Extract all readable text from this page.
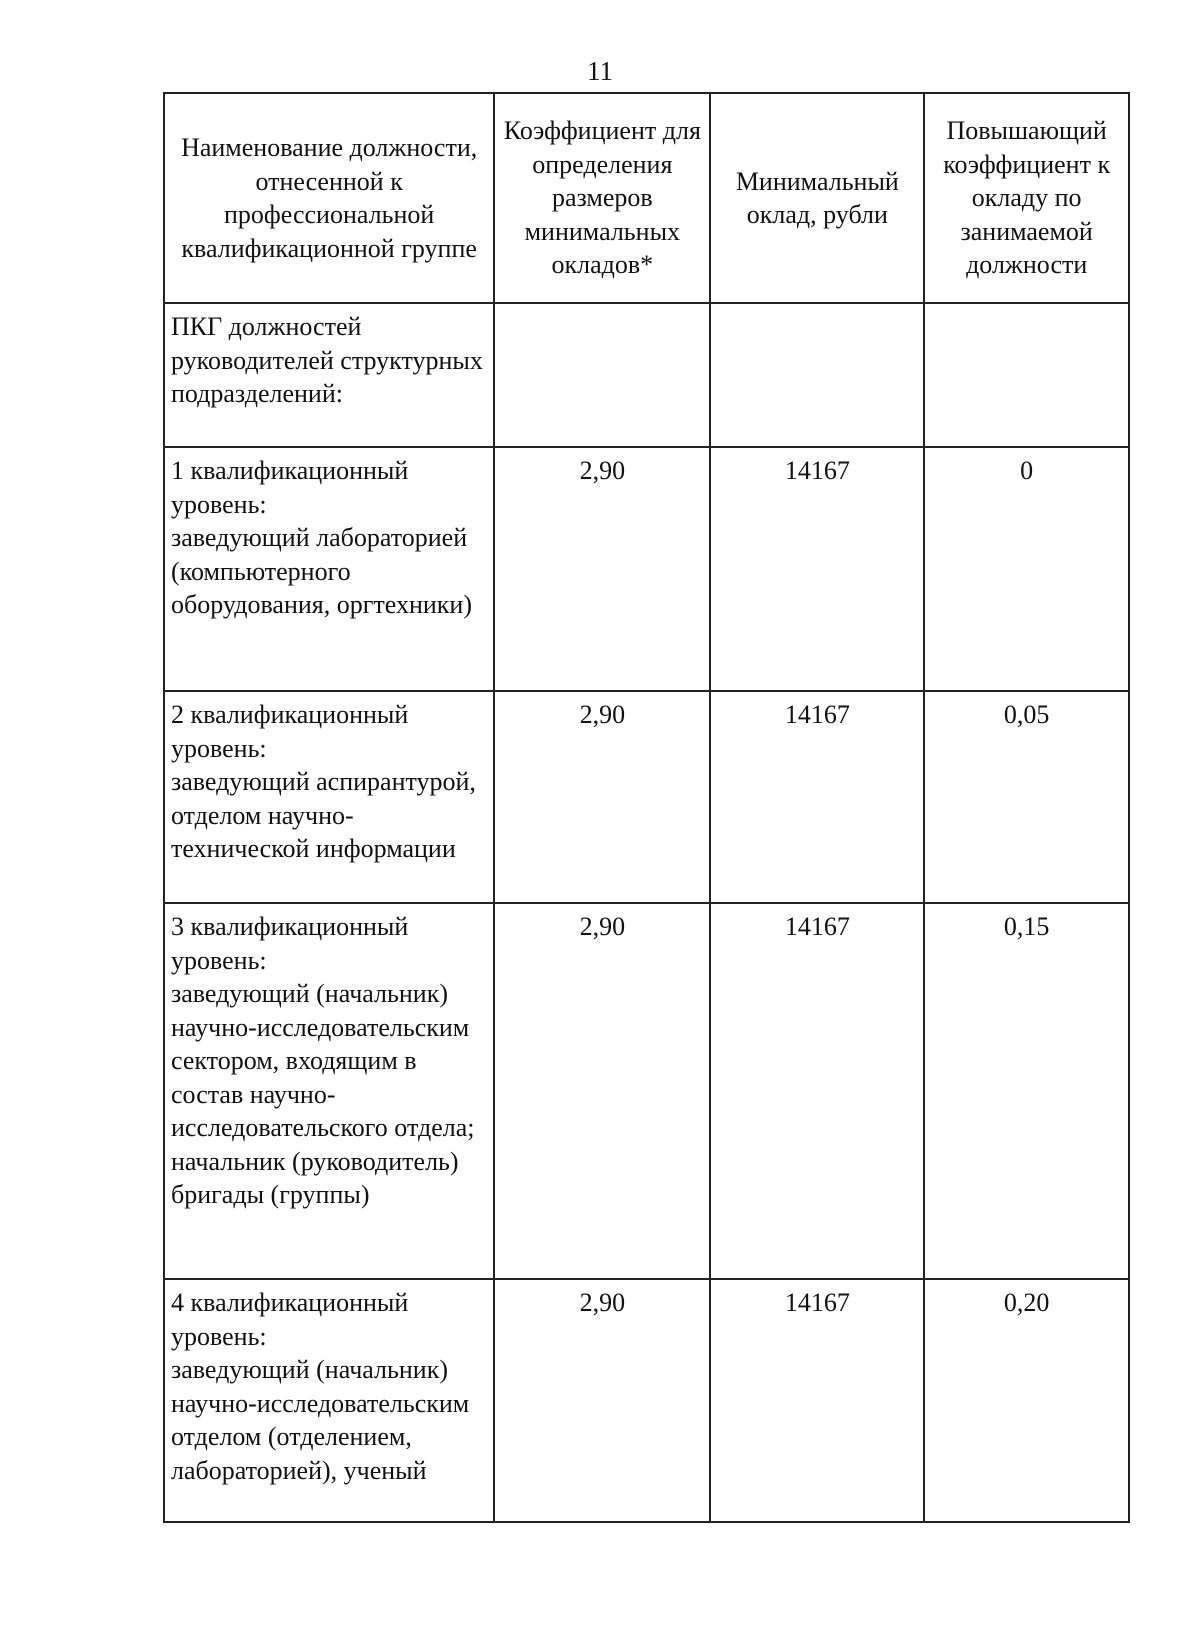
11
Наименование должности, отнесенной к профессиональной квалификационной группе	Коэффициент для определения размеров минимальных окладов*	Минимальный оклад, рубли	Повышающий коэффициент к окладу по занимаемой должности
ПКГ должностей руководителей структурных подразделений:			

1 квалификационный уровень:
заведующий лабораторией (компьютерного оборудования, оргтехники)	2,90	14167	0

2 квалификационный уровень:
заведующий аспирантурой, отделом научно-технической информации	2,90	14167	0,05

3 квалификационный уровень:
заведующий (начальник) научно-исследовательским сектором, входящим в состав научно-исследовательского отдела; начальник (руководитель) бригады (группы)	2,90	14167	0,15

4 квалификационный уровень:
заведующий (начальник) научно-исследовательским отделом (отделением, лабораторией), ученый	2,90	14167	0,20
